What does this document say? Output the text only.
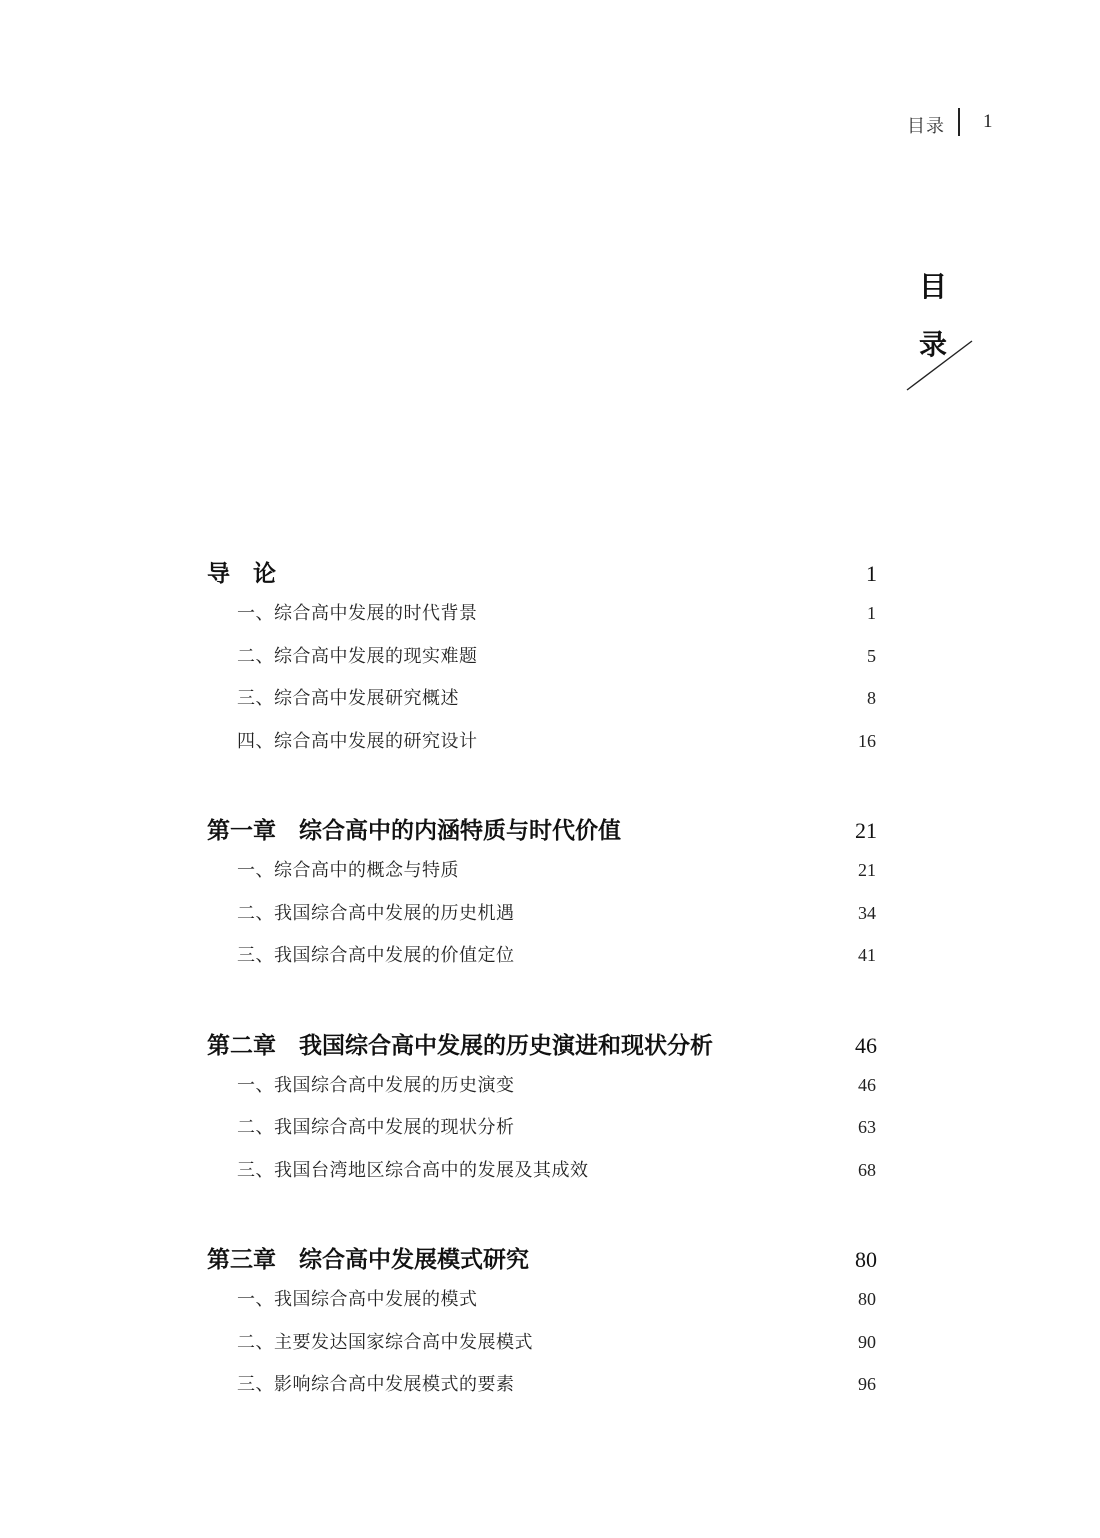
目录 1
目
录
导　论	1
一、综合高中发展的时代背景	1
二、综合高中发展的现实难题	5
三、综合高中发展研究概述	8
四、综合高中发展的研究设计	16
第一章　综合高中的内涵特质与时代价值	21
一、综合高中的概念与特质	21
二、我国综合高中发展的历史机遇	34
三、我国综合高中发展的价值定位	41
第二章　我国综合高中发展的历史演进和现状分析	46
一、我国综合高中发展的历史演变	46
二、我国综合高中发展的现状分析	63
三、我国台湾地区综合高中的发展及其成效	68
第三章　综合高中发展模式研究	80
一、我国综合高中发展的模式	80
二、主要发达国家综合高中发展模式	90
三、影响综合高中发展模式的要素	96
